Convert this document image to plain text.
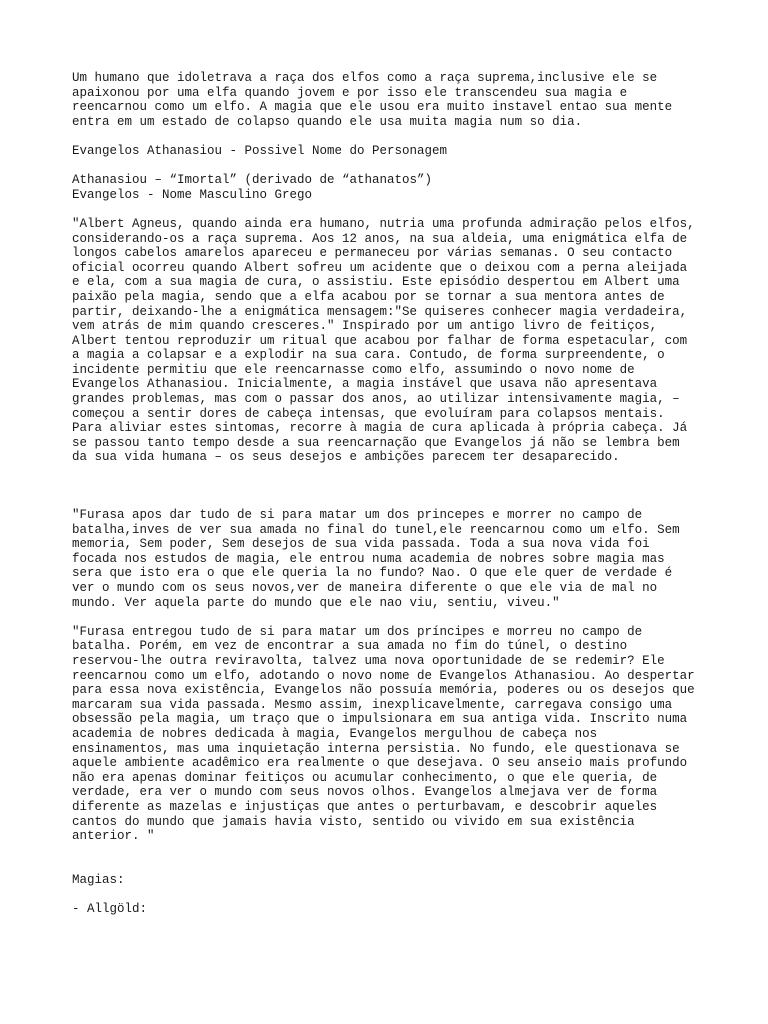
Um humano que idoletrava a raça dos elfos como a raça suprema,inclusive ele se
apaixonou por uma elfa quando jovem e por isso ele transcendeu sua magia e
reencarnou como um elfo. A magia que ele usou era muito instavel entao sua mente
entra em um estado de colapso quando ele usa muita magia num so dia.

Evangelos Athanasiou - Possivel Nome do Personagem

Athanasiou – “Imortal” (derivado de “athanatos”)
Evangelos - Nome Masculino Grego

"Albert Agneus, quando ainda era humano, nutria uma profunda admiração pelos elfos,
considerando-os a raça suprema. Aos 12 anos, na sua aldeia, uma enigmática elfa de
longos cabelos amarelos apareceu e permaneceu por várias semanas. O seu contacto
oficial ocorreu quando Albert sofreu um acidente que o deixou com a perna aleijada
e ela, com a sua magia de cura, o assistiu. Este episódio despertou em Albert uma
paixão pela magia, sendo que a elfa acabou por se tornar a sua mentora antes de
partir, deixando-lhe a enigmática mensagem:"Se quiseres conhecer magia verdadeira,
vem atrás de mim quando cresceres." Inspirado por um antigo livro de feitiços,
Albert tentou reproduzir um ritual que acabou por falhar de forma espetacular, com
a magia a colapsar e a explodir na sua cara. Contudo, de forma surpreendente, o
incidente permitiu que ele reencarnasse como elfo, assumindo o novo nome de
Evangelos Athanasiou. Inicialmente, a magia instável que usava não apresentava
grandes problemas, mas com o passar dos anos, ao utilizar intensivamente magia, –
começou a sentir dores de cabeça intensas, que evoluíram para colapsos mentais.
Para aliviar estes sintomas, recorre à magia de cura aplicada à própria cabeça. Já
se passou tanto tempo desde a sua reencarnação que Evangelos já não se lembra bem
da sua vida humana – os seus desejos e ambições parecem ter desaparecido.

"Furasa apos dar tudo de si para matar um dos princepes e morrer no campo de
batalha,inves de ver sua amada no final do tunel,ele reencarnou como um elfo. Sem
memoria, Sem poder, Sem desejos de sua vida passada. Toda a sua nova vida foi
focada nos estudos de magia, ele entrou numa academia de nobres sobre magia mas
sera que isto era o que ele queria la no fundo? Nao. O que ele quer de verdade é
ver o mundo com os seus novos,ver de maneira diferente o que ele via de mal no
mundo. Ver aquela parte do mundo que ele nao viu, sentiu, viveu."

"Furasa entregou tudo de si para matar um dos príncipes e morreu no campo de
batalha. Porém, em vez de encontrar a sua amada no fim do túnel, o destino
reservou-lhe outra reviravolta, talvez uma nova oportunidade de se redemir? Ele
reencarnou como um elfo, adotando o novo nome de Evangelos Athanasiou. Ao despertar
para essa nova existência, Evangelos não possuía memória, poderes ou os desejos que
marcaram sua vida passada. Mesmo assim, inexplicavelmente, carregava consigo uma
obsessão pela magia, um traço que o impulsionara em sua antiga vida. Inscrito numa
academia de nobres dedicada à magia, Evangelos mergulhou de cabeça nos
ensinamentos, mas uma inquietação interna persistia. No fundo, ele questionava se
aquele ambiente acadêmico era realmente o que desejava. O seu anseio mais profundo
não era apenas dominar feitiços ou acumular conhecimento, o que ele queria, de
verdade, era ver o mundo com seus novos olhos. Evangelos almejava ver de forma
diferente as mazelas e injustiças que antes o perturbavam, e descobrir aqueles
cantos do mundo que jamais havia visto, sentido ou vivido em sua existência
anterior. "

Magias:

- Allgöld:
